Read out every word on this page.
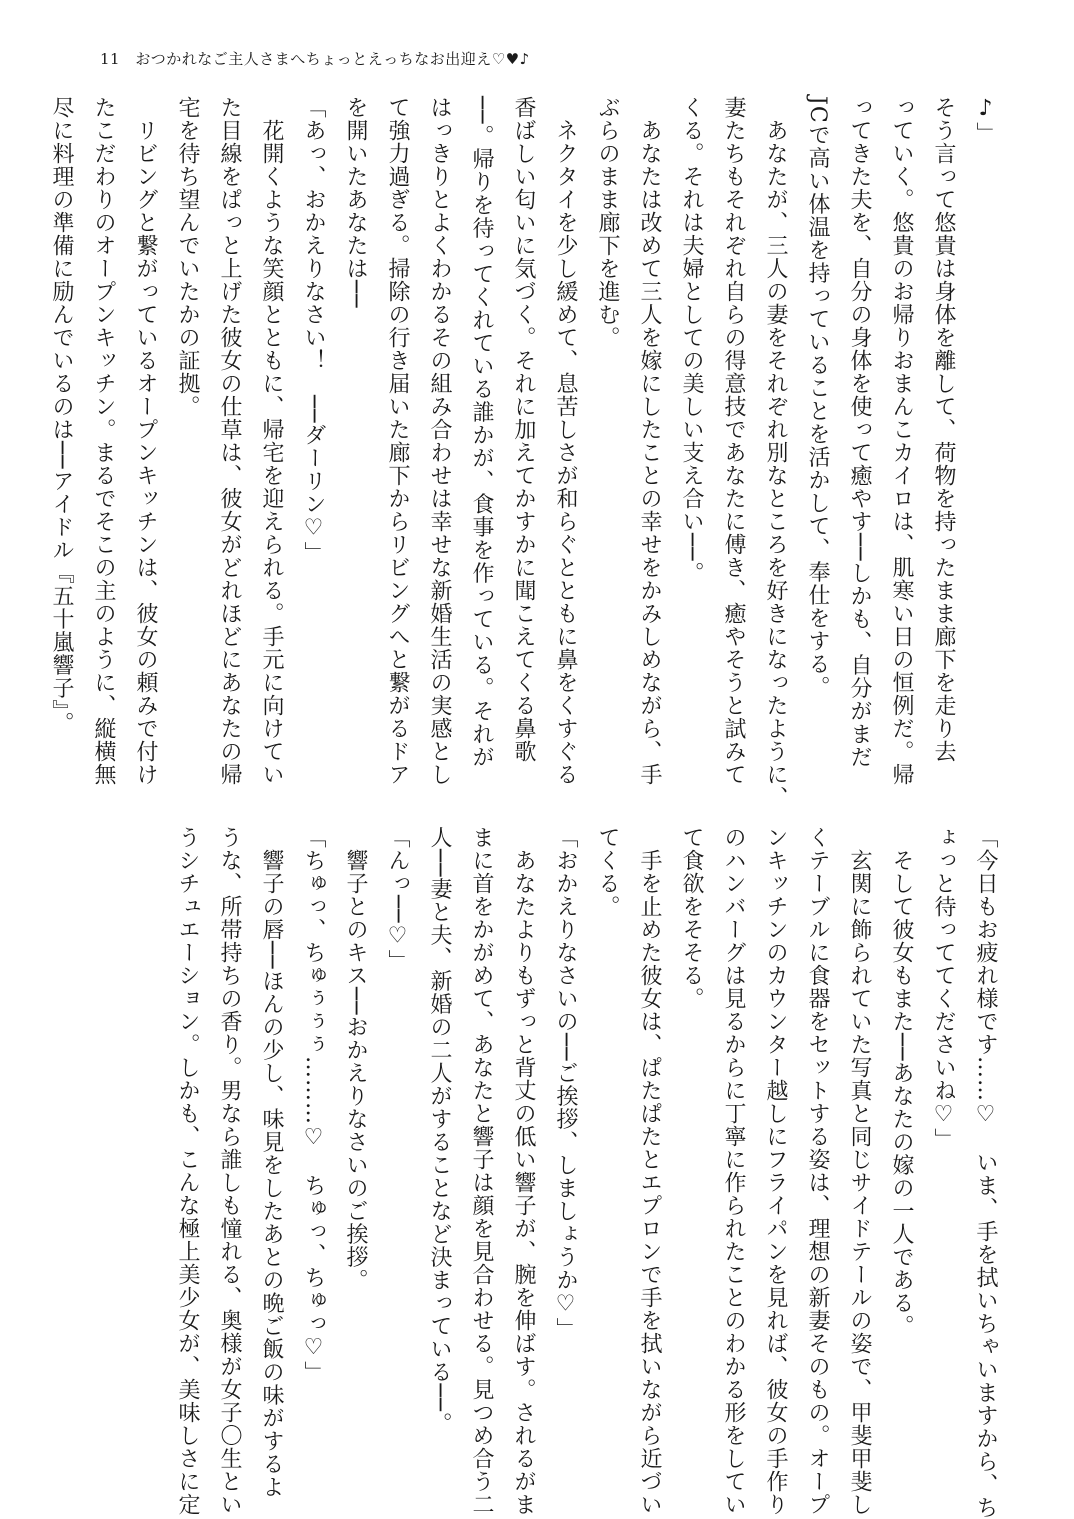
11 おつかれなご主人さまへちょっとえっちなお出迎え♡♥♪
♪」
そう言って悠貴は身体を離して、荷物を持ったまま廊下を走り去
っていく。悠貴のお帰りおまんこカイロは、肌寒い日の恒例だ。帰
ってきた夫を、自分の身体を使って癒やす──しかも、自分がまだ
JCで高い体温を持っていることを活かして、奉仕をする。
　あなたが、三人の妻をそれぞれ別なところを好きになったように、
妻たちもそれぞれ自らの得意技であなたに傅き、癒やそうと試みて
くる。それは夫婦としての美しい支え合い──。
　あなたは改めて三人を嫁にしたことの幸せをかみしめながら、手
ぶらのまま廊下を進む。
　ネクタイを少し緩めて、息苦しさが和らぐとともに鼻をくすぐる
香ばしい匂いに気づく。それに加えてかすかに聞こえてくる鼻歌
──。帰りを待ってくれている誰かが、食事を作っている。それが
はっきりとよくわかるその組み合わせは幸せな新婚生活の実感とし
て強力過ぎる。掃除の行き届いた廊下からリビングへと繋がるドア
を開いたあなたは──
「あっ、おかえりなさい！　──ダーリン♡」
　花開くような笑顔とともに、帰宅を迎えられる。手元に向けてい
た目線をぱっと上げた彼女の仕草は、彼女がどれほどにあなたの帰
宅を待ち望んでいたかの証拠。
　リビングと繋がっているオープンキッチンは、彼女の頼みで付け
たこだわりのオープンキッチン。まるでそこの主のように、縦横無
尽に料理の準備に励んでいるのは──アイドル『五十嵐響子』。
「今日もお疲れ様です……♡　いま、手を拭いちゃいますから、ち
ょっと待っててくださいね♡」
　そして彼女もまた──あなたの嫁の一人である。
　玄関に飾られていた写真と同じサイドテールの姿で、甲斐甲斐し
くテーブルに食器をセットする姿は、理想の新妻そのもの。オープ
ンキッチンのカウンター越しにフライパンを見れば、彼女の手作り
のハンバーグは見るからに丁寧に作られたことのわかる形をしてい
て食欲をそそる。
　手を止めた彼女は、ぱたぱたとエプロンで手を拭いながら近づい
てくる。
「おかえりなさいの──ご挨拶、しましょうか♡」
　あなたよりもずっと背丈の低い響子が、腕を伸ばす。されるがま
まに首をかがめて、あなたと響子は顔を見合わせる。見つめ合う二
人──妻と夫、新婚の二人がすることなど決まっている──。
「んっ──♡」
　響子とのキス──おかえりなさいのご挨拶。
「ちゅっ、ちゅぅぅぅ………♡　ちゅっ、ちゅっ♡」
　響子の唇──ほんの少し、味見をしたあとの晩ご飯の味がするよ
うな、所帯持ちの香り。男なら誰しも憧れる、奥様が女子〇生とい
うシチュエーション。しかも、こんな極上美少女が、美味しさに定
